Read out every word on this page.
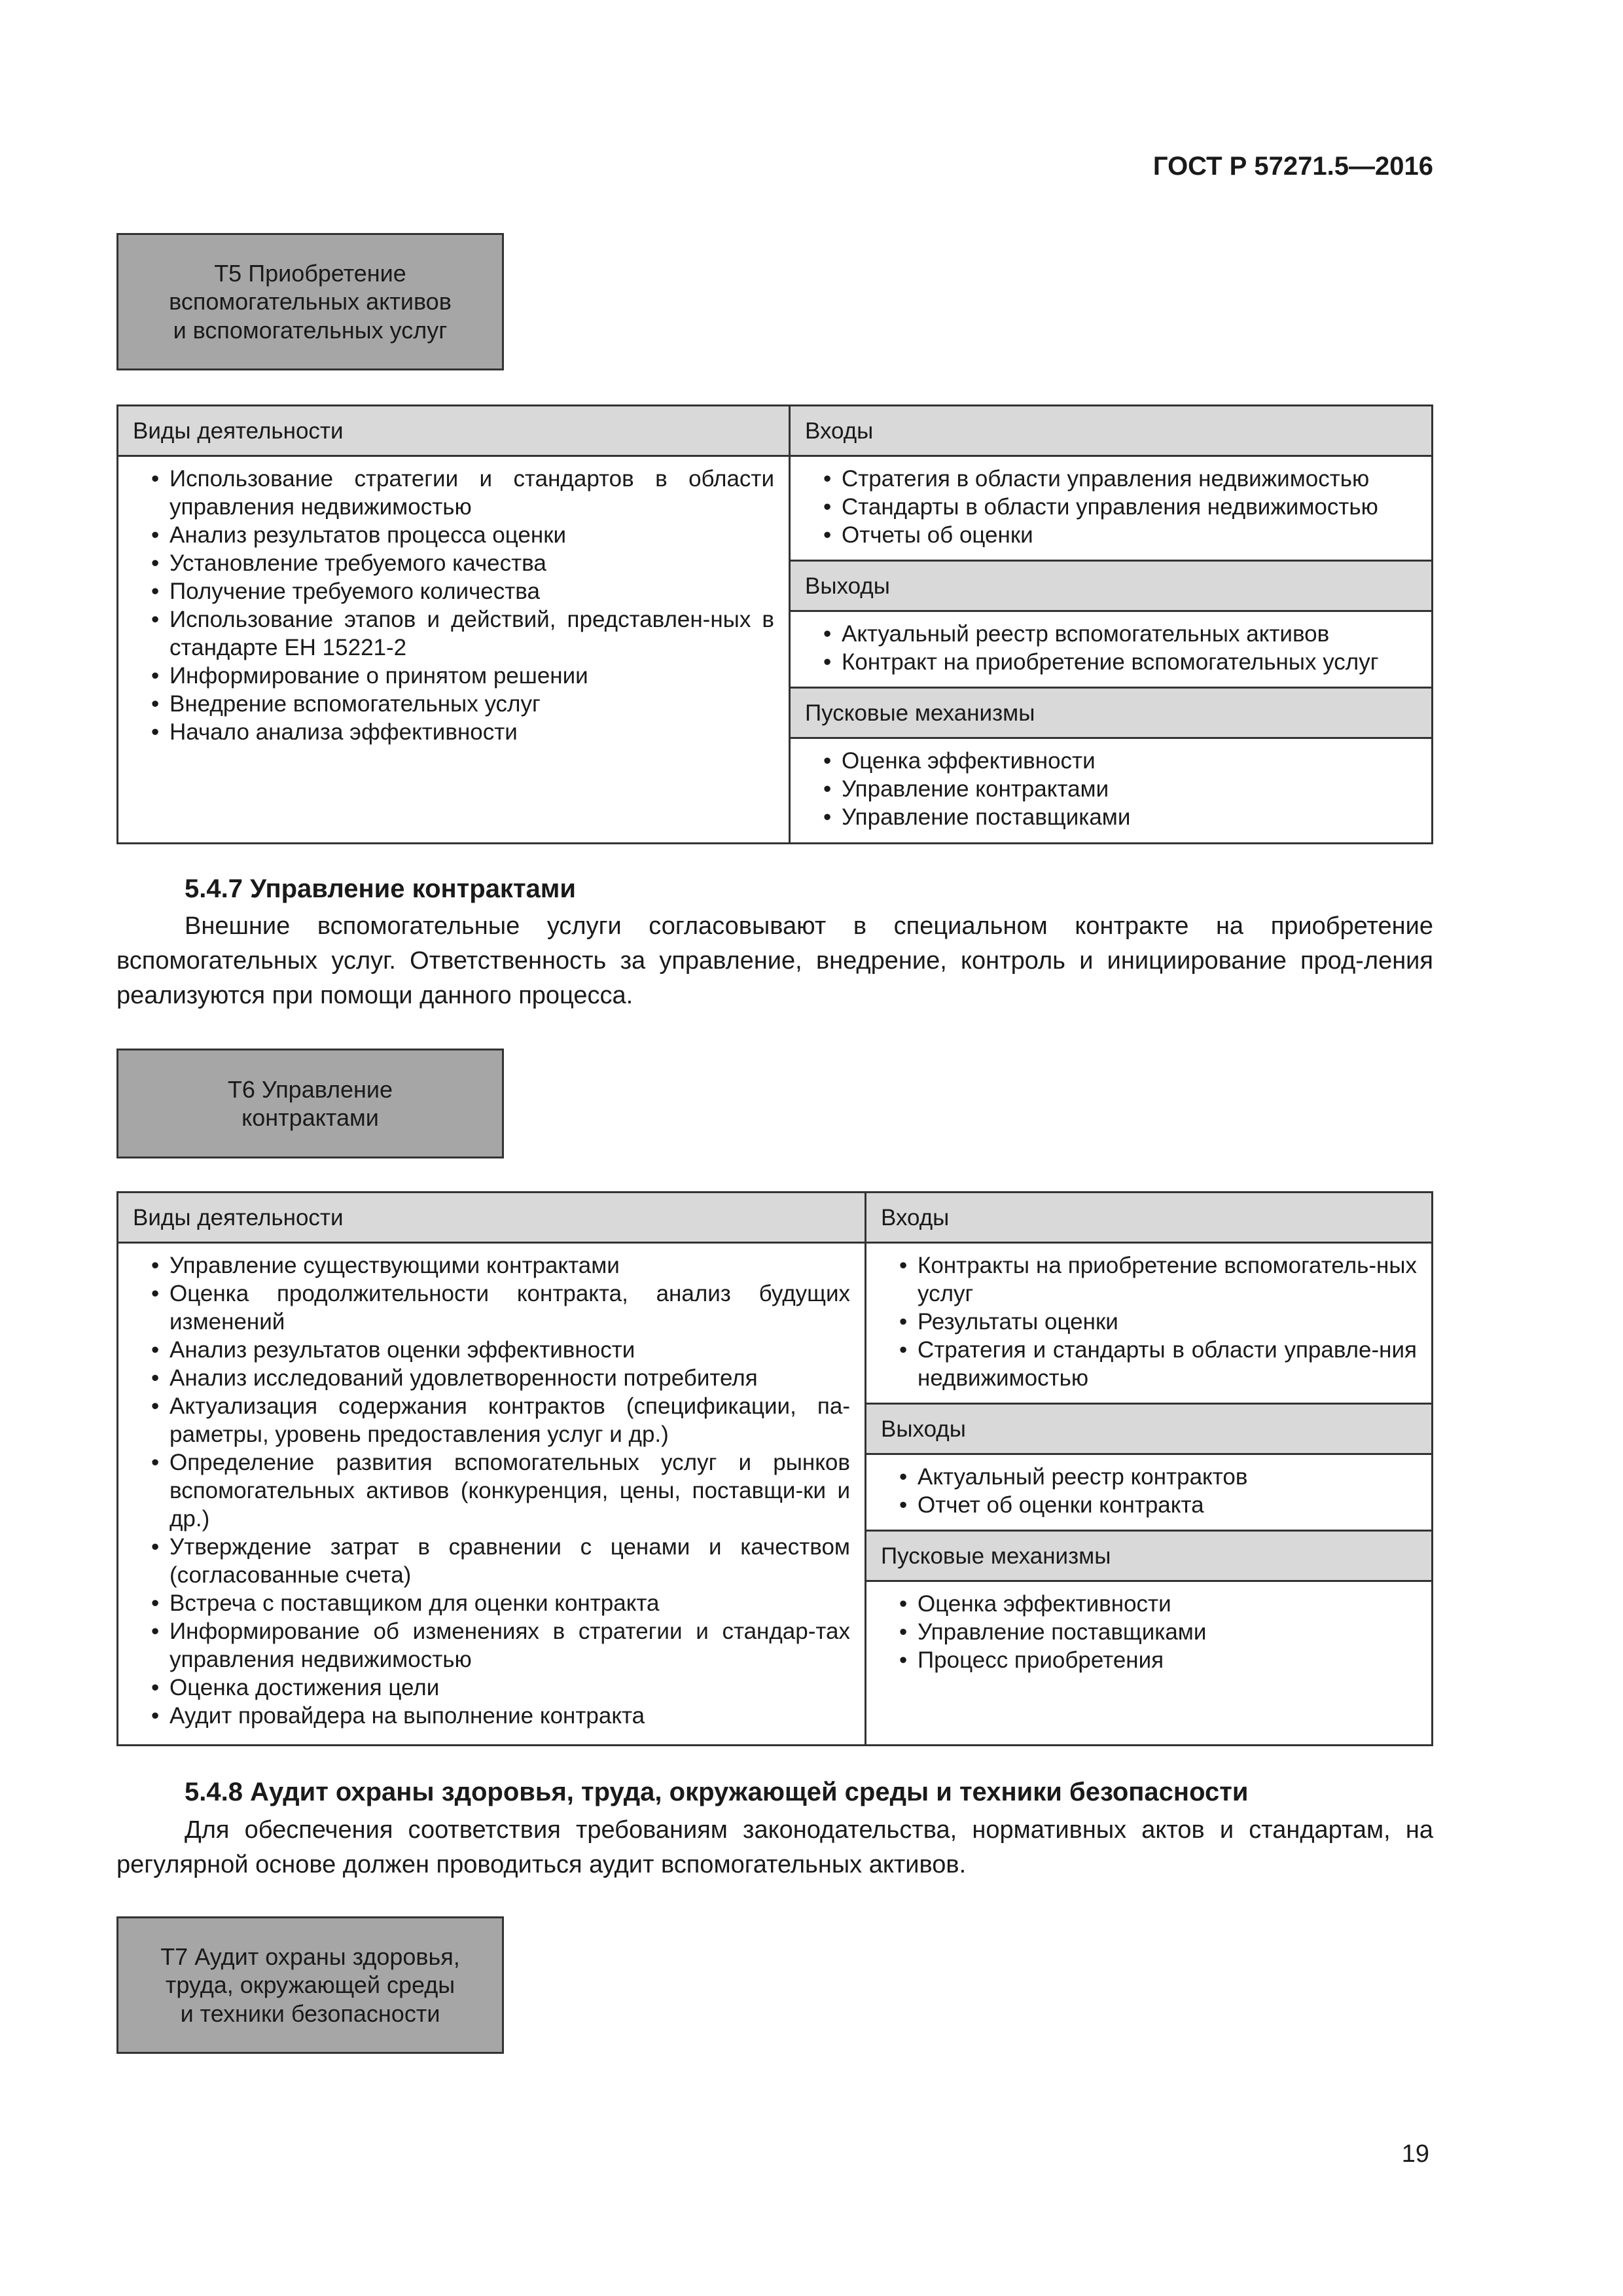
ГОСТ Р 57271.5—2016
Т5 Приобретение
вспомогательных активов
и вспомогательных услуг
Виды деятельности
• Использование стратегии и стандартов в области управления недвижимостью
• Анализ результатов процесса оценки
• Установление требуемого качества
• Получение требуемого количества
• Использование этапов и действий, представлен-ных в стандарте ЕН 15221-2
• Информирование о принятом решении
• Внедрение вспомогательных услуг
• Начало анализа эффективности
Входы
• Стратегия в области управления недвижимостью
• Стандарты в области управления недвижимостью
• Отчеты об оценки
Выходы
• Актуальный реестр вспомогательных активов
• Контракт на приобретение вспомогательных услуг
Пусковые механизмы
• Оценка эффективности
• Управление контрактами
• Управление поставщиками
5.4.7 Управление контрактами
Внешние вспомогательные услуги согласовывают в специальном контракте на приобретение вспомогательных услуг. Ответственность за управление, внедрение, контроль и инициирование прод-ления реализуются при помощи данного процесса.
Т6 Управление
контрактами
Виды деятельности
• Управление существующими контрактами
• Оценка продолжительности контракта, анализ будущих изменений
• Анализ результатов оценки эффективности
• Анализ исследований удовлетворенности потребителя
• Актуализация содержания контрактов (спецификации, па-раметры, уровень предоставления услуг и др.)
• Определение развития вспомогательных услуг и рынков вспомогательных активов (конкуренция, цены, поставщи-ки и др.)
• Утверждение затрат в сравнении с ценами и качеством (согласованные счета)
• Встреча с поставщиком для оценки контракта
• Информирование об изменениях в стратегии и стандар-тах управления недвижимостью
• Оценка достижения цели
• Аудит провайдера на выполнение контракта
Входы
• Контракты на приобретение вспомогатель-ных услуг
• Результаты оценки
• Стратегия и стандарты в области управле-ния недвижимостью
Выходы
• Актуальный реестр контрактов
• Отчет об оценки контракта
Пусковые механизмы
• Оценка эффективности
• Управление поставщиками
• Процесс приобретения
5.4.8 Аудит охраны здоровья, труда, окружающей среды и техники безопасности
Для обеспечения соответствия требованиям законодательства, нормативных актов и стандартам, на регулярной основе должен проводиться аудит вспомогательных активов.
Т7 Аудит охраны здоровья,
труда, окружающей среды
и техники безопасности
19
